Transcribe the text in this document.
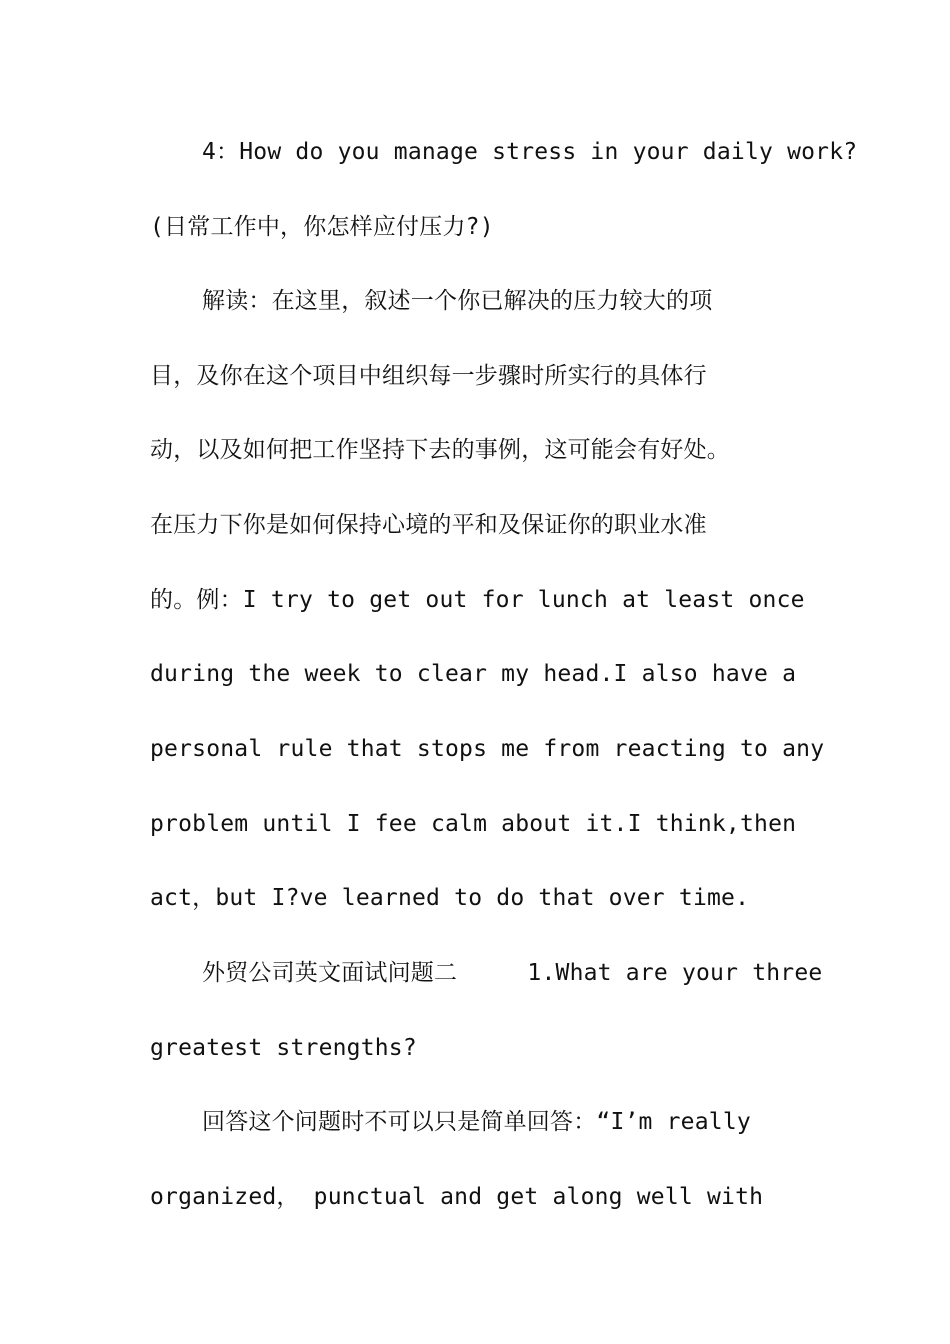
4：How do you manage stress in your daily work?
(日常工作中，你怎样应付压力?)
解读：在这里，叙述一个你已解决的压力较大的项
目，及你在这个项目中组织每一步骤时所实行的具体行
动，以及如何把工作坚持下去的事例，这可能会有好处。
在压力下你是如何保持心境的平和及保证你的职业水准
的。例：I try to get out for lunch at least once
during the week to clear my head.I also have a
personal rule that stops me from reacting to any
problem until I fee calm about it.I think,then
act，but I?ve learned to do that over time.
外贸公司英文面试问题二     1.What are your three
greatest strengths?
回答这个问题时不可以只是简单回答：“I’m really
organized， punctual and get along well with
